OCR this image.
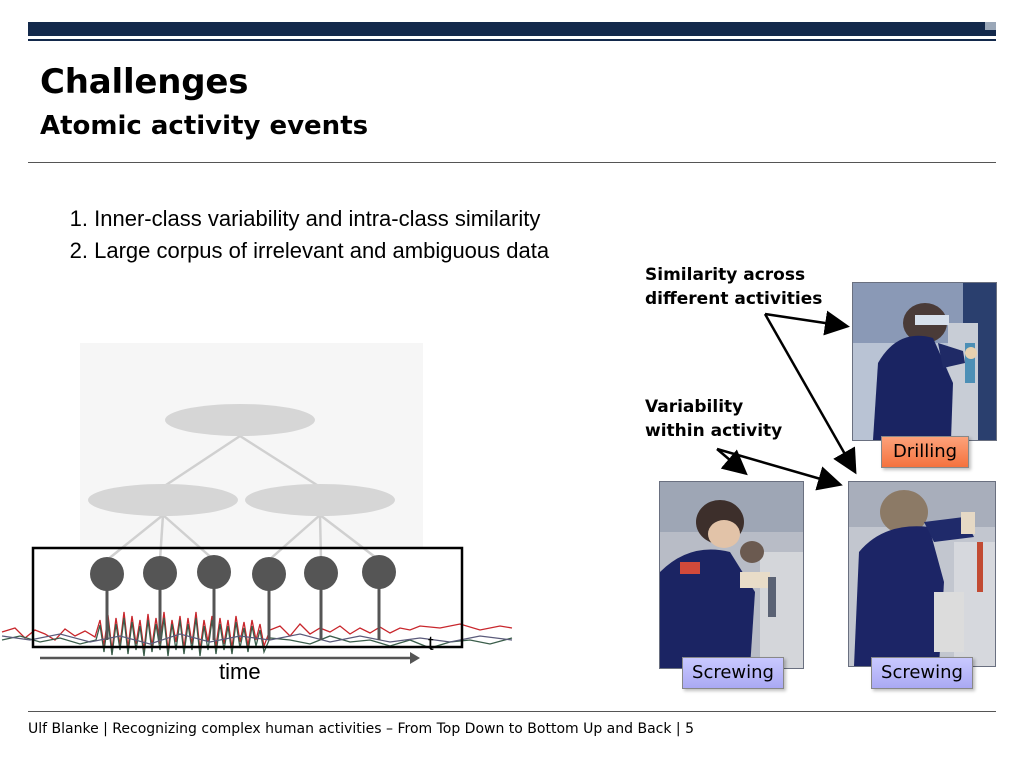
Challenges
Atomic activity events
1. Inner-class variability and intra-class similarity
2. Large corpus of irrelevant and ambiguous data
Similarity across
different activities
Variability
within activity
Drilling
Screwing	Screwing
time
t
Ulf Blanke | Recognizing complex human activities – From Top Down to Bottom Up and Back | 5
